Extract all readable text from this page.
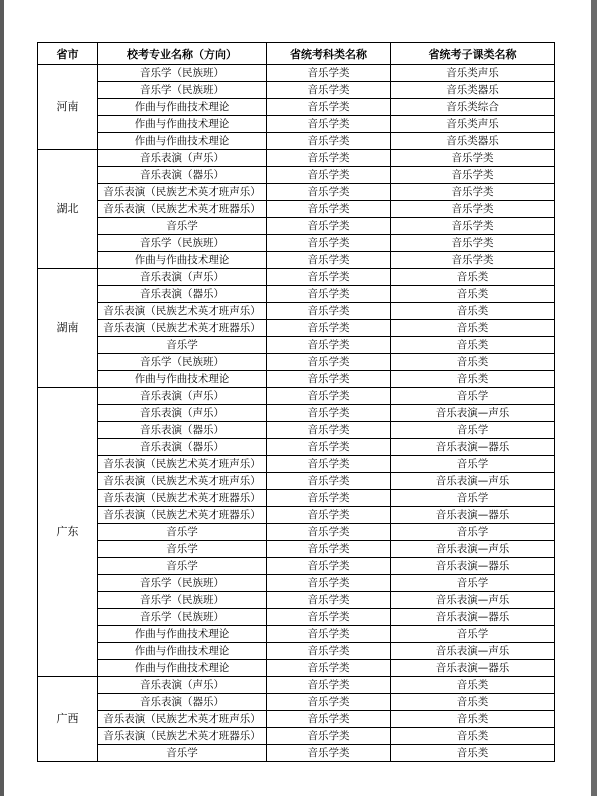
省市	校考专业名称（方向）	省统考科类名称	省统考子课类名称
河南	音乐学（民族班）	音乐学类	音乐类声乐
	音乐学（民族班）	音乐学类	音乐类器乐
	作曲与作曲技术理论	音乐学类	音乐类综合
	作曲与作曲技术理论	音乐学类	音乐类声乐
	作曲与作曲技术理论	音乐学类	音乐类器乐
湖北	音乐表演（声乐）	音乐学类	音乐学类
	音乐表演（器乐）	音乐学类	音乐学类
	音乐表演（民族艺术英才班声乐）	音乐学类	音乐学类
	音乐表演（民族艺术英才班器乐）	音乐学类	音乐学类
	音乐学	音乐学类	音乐学类
	音乐学（民族班）	音乐学类	音乐学类
	作曲与作曲技术理论	音乐学类	音乐学类
湖南	音乐表演（声乐）	音乐学类	音乐类
	音乐表演（器乐）	音乐学类	音乐类
	音乐表演（民族艺术英才班声乐）	音乐学类	音乐类
	音乐表演（民族艺术英才班器乐）	音乐学类	音乐类
	音乐学	音乐学类	音乐类
	音乐学（民族班）	音乐学类	音乐类
	作曲与作曲技术理论	音乐学类	音乐类
广东	音乐表演（声乐）	音乐学类	音乐学
	音乐表演（声乐）	音乐学类	音乐表演—声乐
	音乐表演（器乐）	音乐学类	音乐学
	音乐表演（器乐）	音乐学类	音乐表演—器乐
	音乐表演（民族艺术英才班声乐）	音乐学类	音乐学
	音乐表演（民族艺术英才班声乐）	音乐学类	音乐表演—声乐
	音乐表演（民族艺术英才班器乐）	音乐学类	音乐学
	音乐表演（民族艺术英才班器乐）	音乐学类	音乐表演—器乐
	音乐学	音乐学类	音乐学
	音乐学	音乐学类	音乐表演—声乐
	音乐学	音乐学类	音乐表演—器乐
	音乐学（民族班）	音乐学类	音乐学
	音乐学（民族班）	音乐学类	音乐表演—声乐
	音乐学（民族班）	音乐学类	音乐表演—器乐
	作曲与作曲技术理论	音乐学类	音乐学
	作曲与作曲技术理论	音乐学类	音乐表演—声乐
	作曲与作曲技术理论	音乐学类	音乐表演—器乐
广西	音乐表演（声乐）	音乐学类	音乐类
	音乐表演（器乐）	音乐学类	音乐类
	音乐表演（民族艺术英才班声乐）	音乐学类	音乐类
	音乐表演（民族艺术英才班器乐）	音乐学类	音乐类
	音乐学	音乐学类	音乐类
